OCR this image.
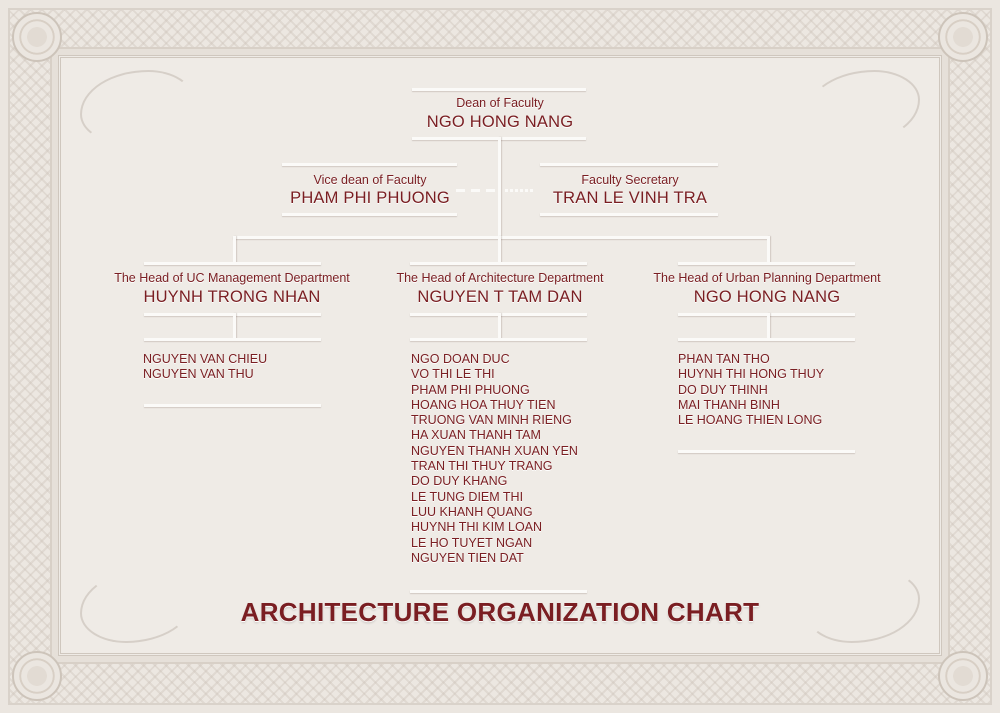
Dean of Faculty
NGO HONG NANG
Vice dean of Faculty
PHAM PHI PHUONG
Faculty Secretary
TRAN LE VINH TRA
The Head of UC Management Department
HUYNH TRONG NHAN
NGUYEN VAN CHIEU
NGUYEN VAN THU
The Head of Architecture Department
NGUYEN T TAM DAN
NGO DOAN DUC
VO THI LE THI
PHAM PHI PHUONG
HOANG HOA THUY TIEN
TRUONG VAN MINH RIENG
HA XUAN THANH TAM
NGUYEN THANH XUAN YEN
TRAN THI THUY TRANG
DO DUY KHANG
LE TUNG DIEM THI
LUU KHANH QUANG
HUYNH THI KIM LOAN
LE HO TUYET NGAN
NGUYEN TIEN DAT
The Head of Urban Planning Department
NGO HONG NANG
PHAN TAN THO
HUYNH THI HONG THUY
DO DUY THINH
MAI THANH BINH
LE HOANG THIEN LONG
ARCHITECTURE ORGANIZATION CHART
